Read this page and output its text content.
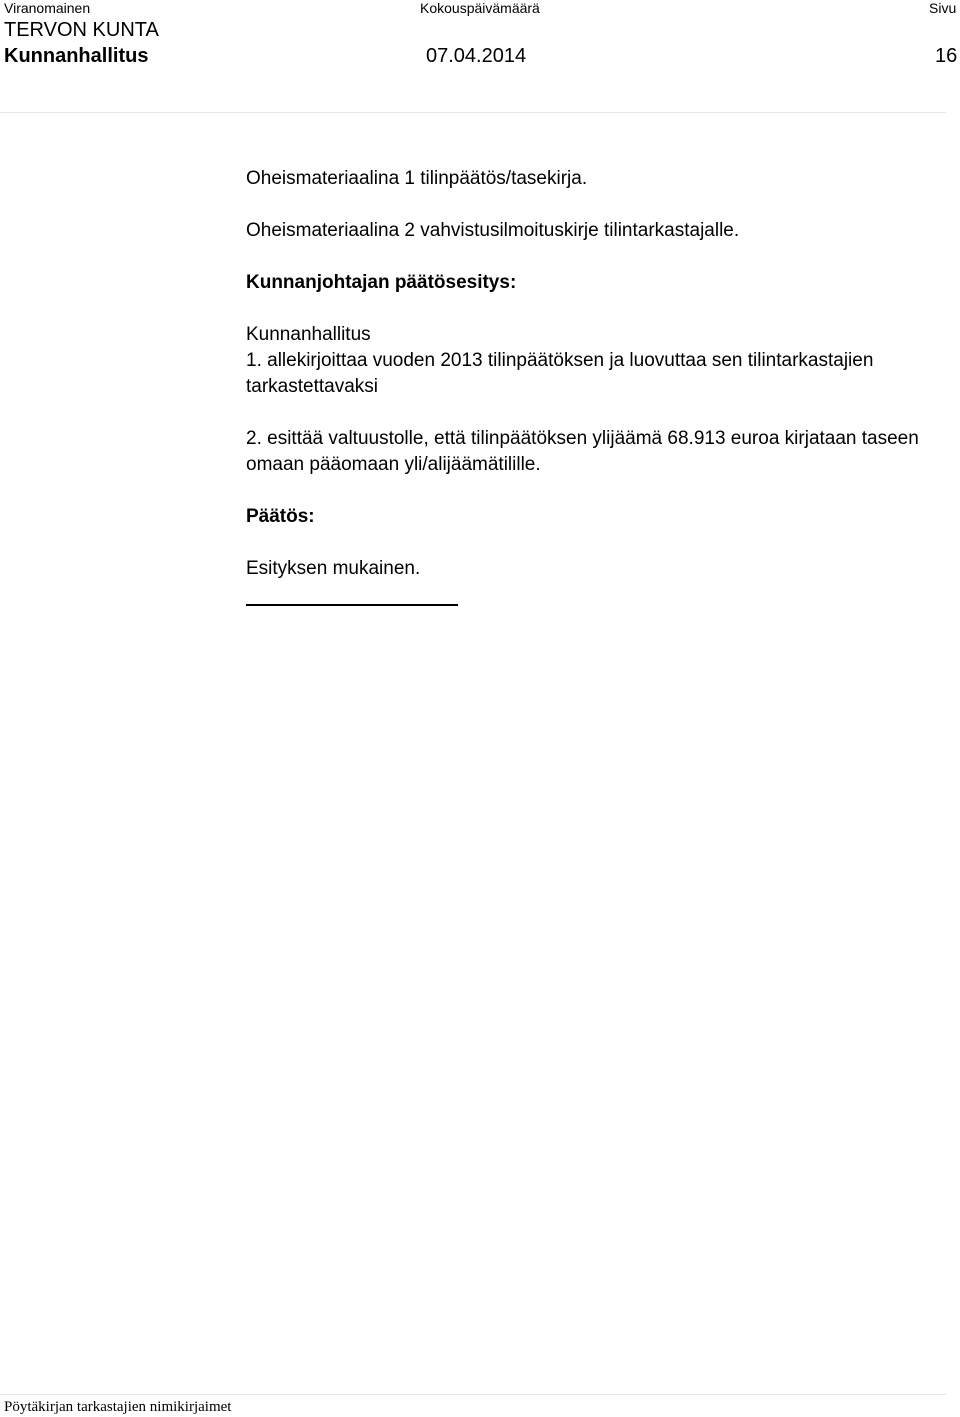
Viranomainen	Kokouspäivämäärä	Sivu
TERVON KUNTA
Kunnanhallitus	07.04.2014	16

Oheismateriaalina 1 tilinpäätös/tasekirja.

Oheismateriaalina 2 vahvistusilmoituskirje tilintarkastajalle.

Kunnanjohtajan päätösesitys:

Kunnanhallitus

1. allekirjoittaa vuoden 2013 tilinpäätöksen ja luovuttaa sen tilintarkastajien tarkastettavaksi

2. esittää valtuustolle, että tilinpäätöksen ylijäämä 68.913 euroa kirjataan taseen omaan pääomaan yli/alijäämätilille.

Päätös:

Esityksen mukainen.

Pöytäkirjan tarkastajien nimikirjaimet
